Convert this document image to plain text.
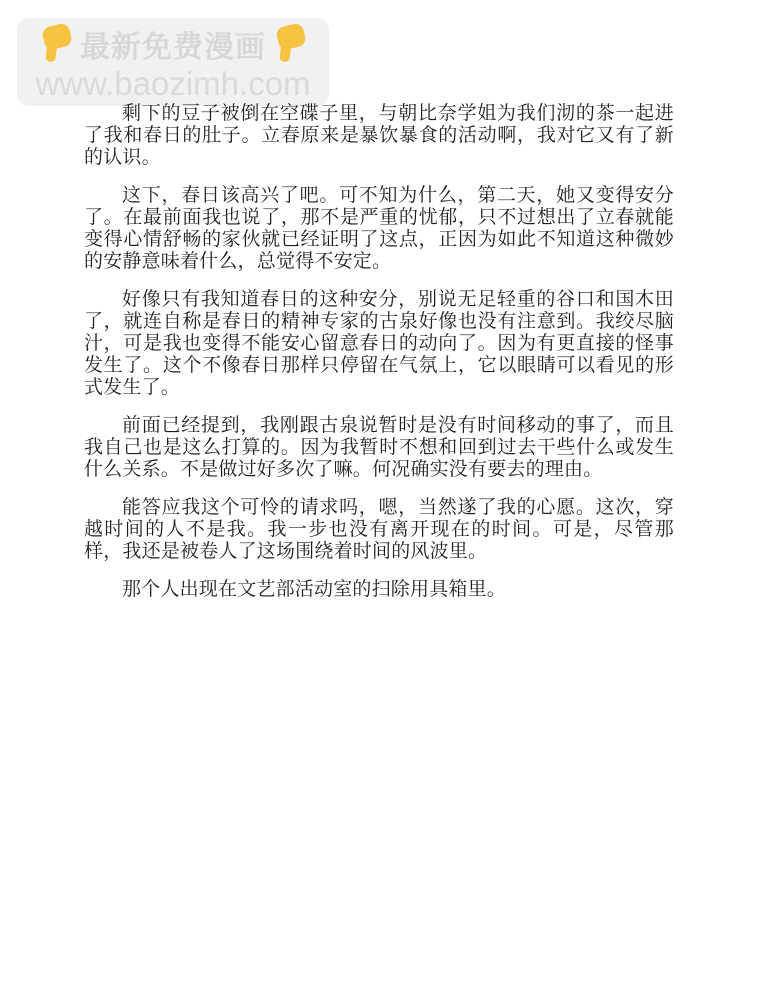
最新免费漫画
www.baozimh.com

剩下的豆子被倒在空碟子里，与朝比奈学姐为我们沏的茶一起进了我和春日的肚子。立春原来是暴饮暴食的活动啊，我对它又有了新的认识。

这下，春日该高兴了吧。可不知为什么，第二天，她又变得安分了。在最前面我也说了，那不是严重的忧郁，只不过想出了立春就能变得心情舒畅的家伙就已经证明了这点，正因为如此不知道这种微妙的安静意味着什么，总觉得不安定。

好像只有我知道春日的这种安分，别说无足轻重的谷口和国木田了，就连自称是春日的精神专家的古泉好像也没有注意到。我绞尽脑汁，可是我也变得不能安心留意春日的动向了。因为有更直接的怪事发生了。这个不像春日那样只停留在气氛上，它以眼睛可以看见的形式发生了。

前面已经提到，我刚跟古泉说暂时是没有时间移动的事了，而且我自己也是这么打算的。因为我暂时不想和回到过去干些什么或发生什么关系。不是做过好多次了嘛。何况确实没有要去的理由。

能答应我这个可怜的请求吗，嗯，当然遂了我的心愿。这次，穿越时间的人不是我。我一步也没有离开现在的时间。可是，尽管那样，我还是被卷人了这场围绕着时间的风波里。

那个人出现在文艺部活动室的扫除用具箱里。
